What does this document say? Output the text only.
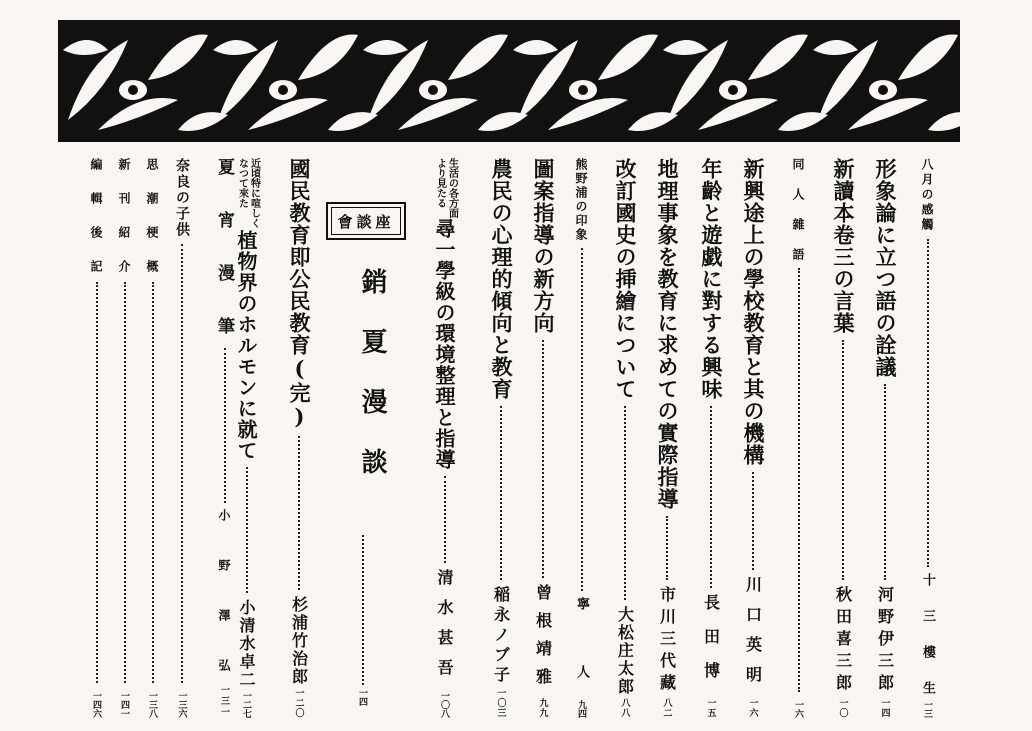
八月の感觸
十 三 樓 生
一三
形象論に立つ語の詮議
河野伊三郎
一四
新讀本卷三の言葉
秋田喜三郎
一〇
同 人 雜 語
一六
新興途上の學校教育と其の機構
川口英明
一六
年齡と遊戯に對する興味
長田博
一五
地理事象を教育に求めての實際指導
市川三代藏
八二
改訂國史の挿繪について
大松庄太郎
八八
熊野浦の印象
寧 人
九四
圖案指導の新方向
曾根靖雅
九九
農民の心理的傾向と教育
稲永ノブ子
一〇三
生活の各方面より見たる
尋一學級の環境整理と指導
清水甚吾
一〇八
座談會
銷夏漫談
一四
國民教育即公民教育(完)
杉浦竹治郎
一二〇
近頃特に喧しくなつて來た
植物界のホルモンに就て
小清水卓二
一二七
夏 宵 漫 筆
小 野 澤 弘
一三一
奈良の子供
一三六
思 潮 梗 概
一三八
新 刊 紹 介
一四一
編 輯 後 記
一四六
